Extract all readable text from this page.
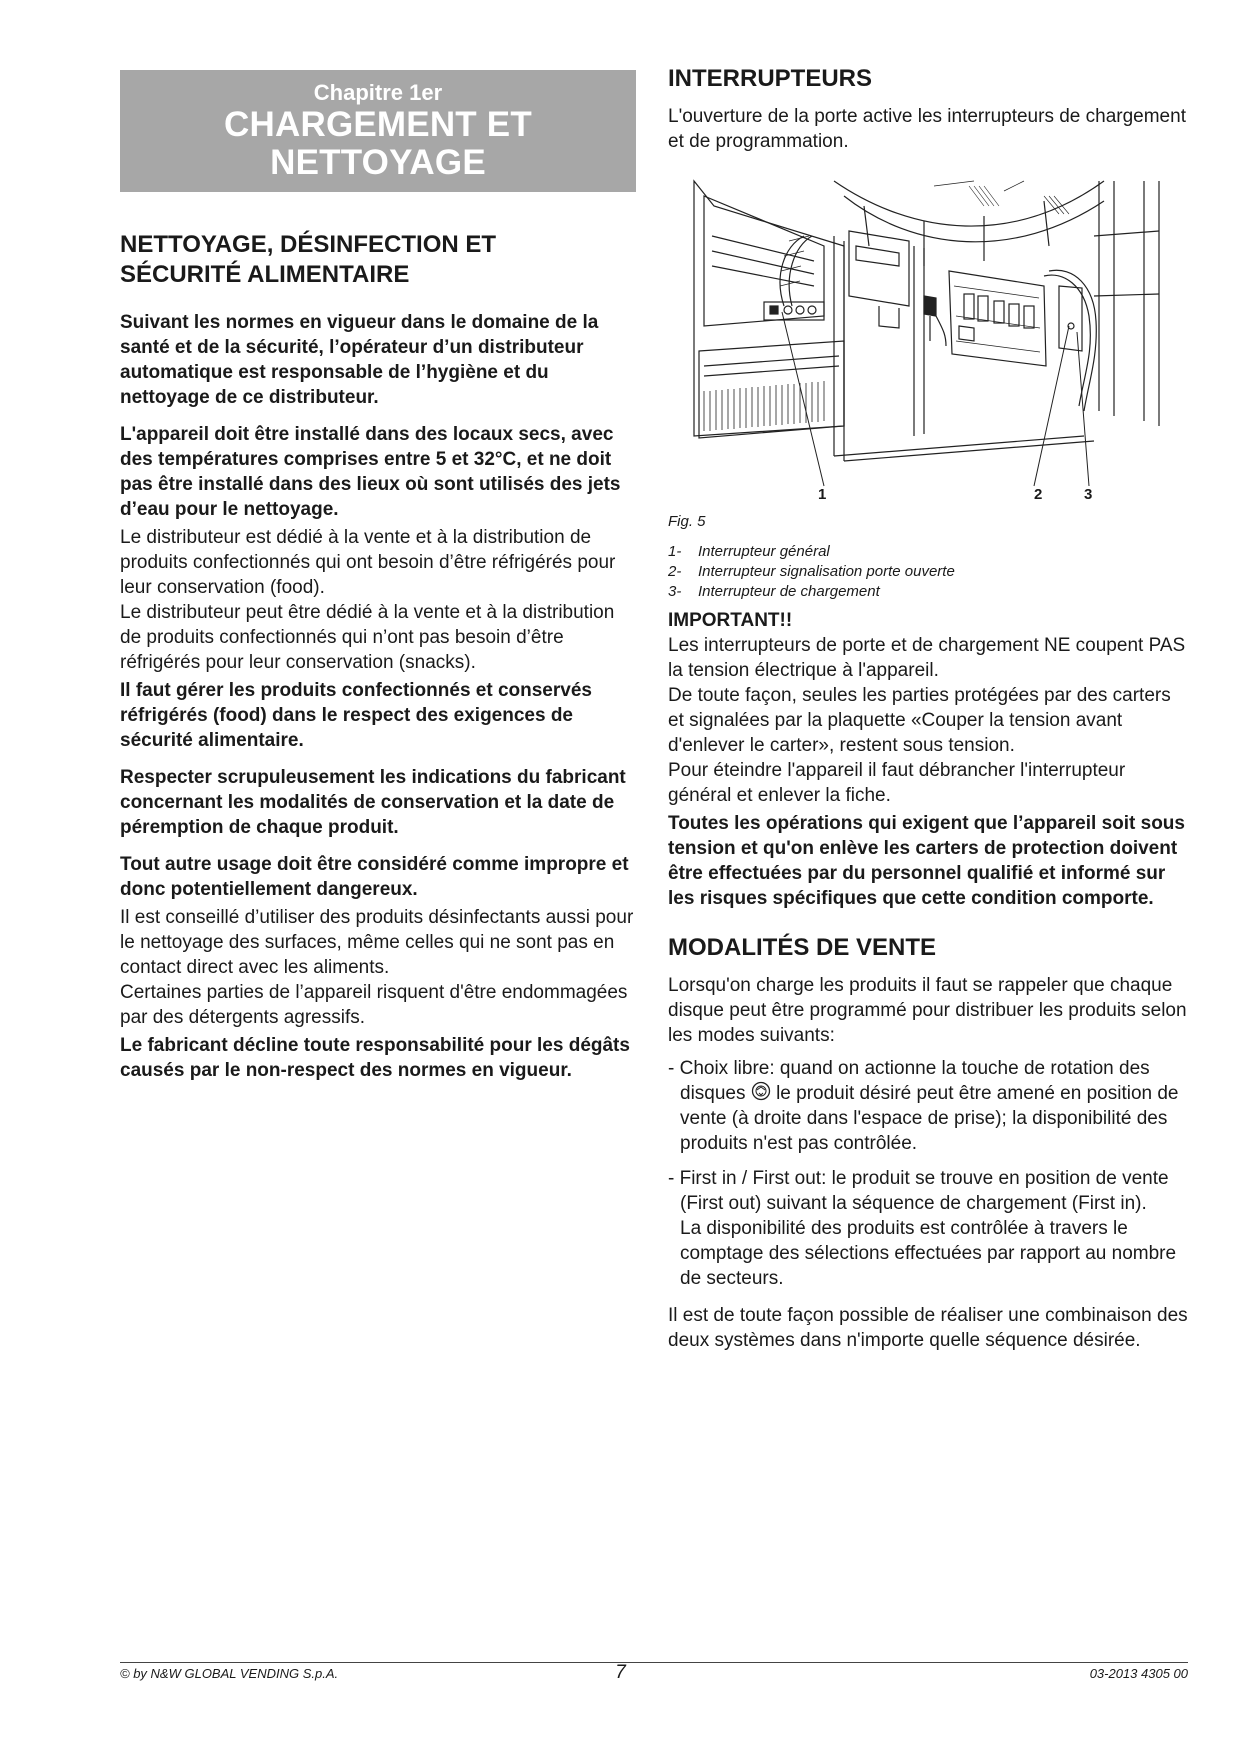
Chapitre 1er
CHARGEMENT ET NETTOYAGE
NETTOYAGE, DÉSINFECTION ET SÉCURITÉ ALIMENTAIRE

Suivant les normes en vigueur dans le domaine de la santé et de la sécurité, l’opérateur d’un distributeur automatique est responsable de l’hygiène et du nettoyage de ce distributeur.

L'appareil doit être installé dans des locaux secs, avec des températures comprises entre 5 et 32°C, et ne doit pas être installé dans des lieux où sont utilisés des jets d’eau pour le nettoyage.

Le distributeur est dédié à la vente et à la distribution de produits confectionnés qui ont besoin d’être réfrigérés pour leur conservation (food).

Le distributeur peut être dédié à la vente et à la distribution de produits confectionnés qui n’ont pas besoin d’être réfrigérés pour leur conservation (snacks).

Il faut gérer les produits confectionnés et conservés réfrigérés (food) dans le respect des exigences de sécurité alimentaire.

Respecter scrupuleusement les indications du fabricant concernant les modalités de conservation et la date de péremption de chaque produit.

Tout autre usage doit être considéré comme impropre et donc potentiellement dangereux.

Il est conseillé d’utiliser des produits désinfectants aussi pour le nettoyage des surfaces, même celles qui ne sont pas en contact direct avec les aliments.

Certaines parties de l’appareil risquent d'être endommagées par des détergents agressifs.

Le fabricant décline toute responsabilité pour les dégâts causés par le non-respect des normes en vigueur.

INTERRUPTEURS

L'ouverture de la porte active les interrupteurs de chargement et de programmation.

1	2	3
Fig. 5
1- Interrupteur général
2- Interrupteur signalisation porte ouverte
3- Interrupteur de chargement
IMPORTANT!!

Les interrupteurs de porte et de chargement NE coupent PAS la tension électrique à l'appareil.

De toute façon, seules les parties protégées par des carters et signalées par la plaquette «Couper la tension avant d'enlever le carter», restent sous tension.

Pour éteindre l'appareil il faut débrancher l'interrupteur général et enlever la fiche.

Toutes les opérations qui exigent que l’appareil soit sous tension et qu'on enlève les carters de protection doivent être effectuées par du personnel qualifié et informé sur les risques spécifiques que cette condition comporte.

MODALITÉS DE VENTE

Lorsqu'on charge les produits il faut se rappeler que chaque disque peut être programmé pour distribuer les produits selon les modes suivants:

- Choix libre: quand on actionne la touche de rotation des disques le produit désiré peut être amené en position de vente (à droite dans l'espace de prise); la disponibilité des produits n'est pas contrôlée.
- First in / First out: le produit se trouve en position de vente (First out) suivant la séquence de chargement (First in).
La disponibilité des produits est contrôlée à travers le comptage des sélections effectuées par rapport au nombre de secteurs.

Il est de toute façon possible de réaliser une combinaison des deux systèmes dans n'importe quelle séquence désirée.

© by N&W GLOBAL VENDING S.p.A.	7	03-2013 4305 00
